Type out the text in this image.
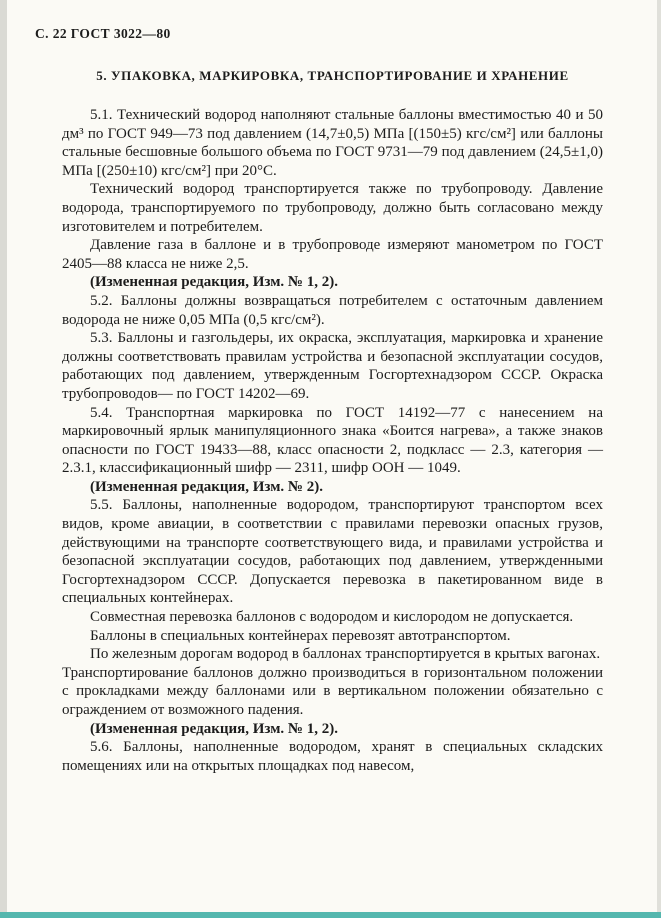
С. 22 ГОСТ 3022—80
5. УПАКОВКА, МАРКИРОВКА, ТРАНСПОРТИРОВАНИЕ И ХРАНЕНИЕ

5.1. Технический водород наполняют стальные баллоны вместимостью 40 и 50 дм³ по ГОСТ 949—73 под давлением (14,7±0,5) МПа [(150±5) кгс/см²] или баллоны стальные бесшовные большого объема по ГОСТ 9731—79 под давлением (24,5±1,0) МПа [(250±10) кгс/см²] при 20°С.

Технический водород транспортируется также по трубопроводу. Давление водорода, транспортируемого по трубопроводу, должно быть согласовано между изготовителем и потребителем.

Давление газа в баллоне и в трубопроводе измеряют манометром по ГОСТ 2405—88 класса не ниже 2,5.

(Измененная редакция, Изм. № 1, 2).

5.2. Баллоны должны возвращаться потребителем с остаточным давлением водорода не ниже 0,05 МПа (0,5 кгс/см²).

5.3. Баллоны и газгольдеры, их окраска, эксплуатация, маркировка и хранение должны соответствовать правилам устройства и безопасной эксплуатации сосудов, работающих под давлением, утвержденным Госгортехнадзором СССР. Окраска трубопроводов— по ГОСТ 14202—69.

5.4. Транспортная маркировка по ГОСТ 14192—77 с нанесением на маркировочный ярлык манипуляционного знака «Боится нагрева», а также знаков опасности по ГОСТ 19433—88, класс опасности 2, подкласс — 2.3, категория — 2.3.1, классификационный шифр — 2311, шифр ООН — 1049.

(Измененная редакция, Изм. № 2).

5.5. Баллоны, наполненные водородом, транспортируют транспортом всех видов, кроме авиации, в соответствии с правилами перевозки опасных грузов, действующими на транспорте соответствующего вида, и правилами устройства и безопасной эксплуатации сосудов, работающих под давлением, утвержденными Госгортехнадзором СССР. Допускается перевозка в пакетированном виде в специальных контейнерах.

Совместная перевозка баллонов с водородом и кислородом не допускается.

Баллоны в специальных контейнерах перевозят автотранспортом.

По железным дорогам водород в баллонах транспортируется в крытых вагонах.

Транспортирование баллонов должно производиться в горизонтальном положении с прокладками между баллонами или в вертикальном положении обязательно с ограждением от возможного падения.

(Измененная редакция, Изм. № 1, 2).

5.6. Баллоны, наполненные водородом, хранят в специальных складских помещениях или на открытых площадках под навесом,
